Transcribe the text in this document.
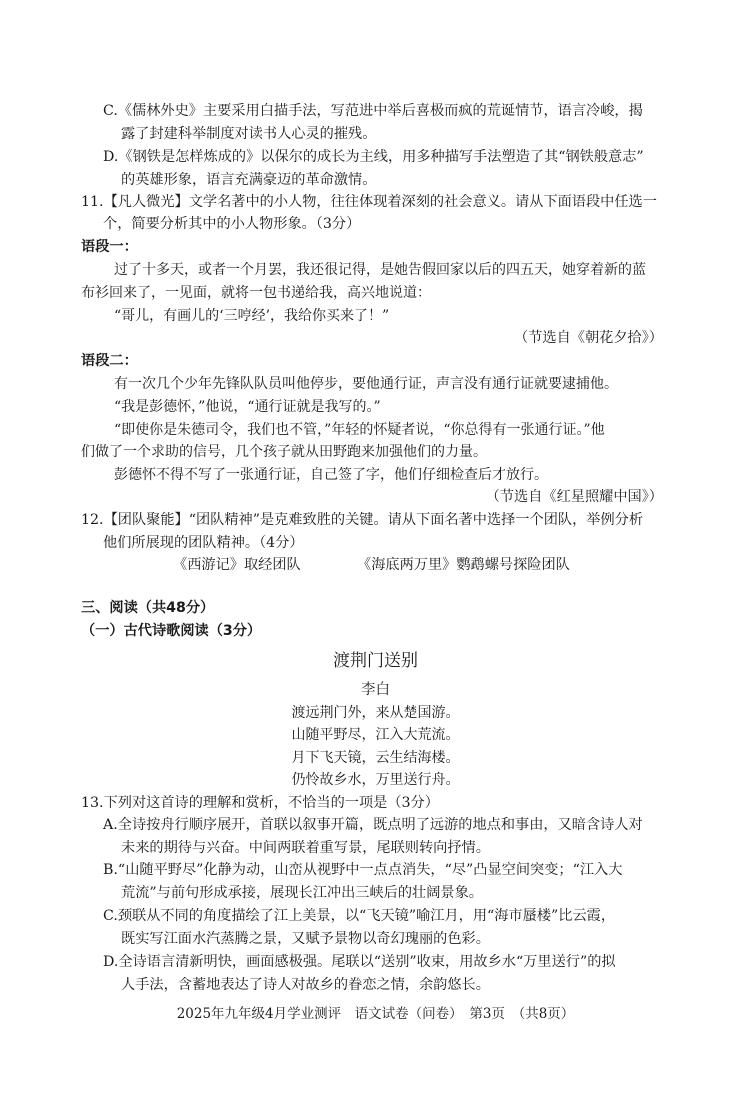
C.《儒林外史》主要采用白描手法，写范进中举后喜极而疯的荒诞情节，语言冷峻，揭
露了封建科举制度对读书人心灵的摧残。
D.《钢铁是怎样炼成的》以保尔的成长为主线，用多种描写手法塑造了其“钢铁般意志”
的英雄形象，语言充满豪迈的革命激情。
11.【凡人微光】文学名著中的小人物，往往体现着深刻的社会意义。请从下面语段中任选一
个，简要分析其中的小人物形象。（3分）
语段一：
过了十多天，或者一个月罢，我还很记得，是她告假回家以后的四五天，她穿着新的蓝
布衫回来了，一见面，就将一包书递给我，高兴地说道：
“哥儿，有画儿的‘三哼经’，我给你买来了！”
（节选自《朝花夕拾》）
语段二：
有一次几个少年先锋队队员叫他停步，要他通行证，声言没有通行证就要逮捕他。
“我是彭德怀，”他说，“通行证就是我写的。”
“即使你是朱德司令，我们也不管，”年轻的怀疑者说，“你总得有一张通行证。”他
们做了一个求助的信号，几个孩子就从田野跑来加强他们的力量。
彭德怀不得不写了一张通行证，自己签了字，他们仔细检查后才放行。
（节选自《红星照耀中国》）
12.【团队聚能】“团队精神”是克难致胜的关键。请从下面名著中选择一个团队，举例分析
他们所展现的团队精神。（4分）
《西游记》取经团队	《海底两万里》鹦鹉螺号探险团队
三、阅读（共48分）
（一）古代诗歌阅读（3分）
渡荆门送别
李白
渡远荆门外，来从楚国游。
山随平野尽，江入大荒流。
月下飞天镜，云生结海楼。
仍怜故乡水，万里送行舟。
13.下列对这首诗的理解和赏析，不恰当的一项是（3分）
A.全诗按舟行顺序展开，首联以叙事开篇，既点明了远游的地点和事由，又暗含诗人对
未来的期待与兴奋。中间两联着重写景，尾联则转向抒情。
B.“山随平野尽”化静为动，山峦从视野中一点点消失，“尽”凸显空间突变；“江入大
荒流”与前句形成承接，展现长江冲出三峡后的壮阔景象。
C.颈联从不同的角度描绘了江上美景，以“飞天镜”喻江月，用“海市蜃楼”比云霞，
既实写江面水汽蒸腾之景，又赋予景物以奇幻瑰丽的色彩。
D.全诗语言清新明快，画面感极强。尾联以“送别”收束，用故乡水“万里送行”的拟
人手法，含蓄地表达了诗人对故乡的眷恋之情，余韵悠长。
2025年九年级4月学业测评　语文试卷（问卷）　第3页　（共8页）
